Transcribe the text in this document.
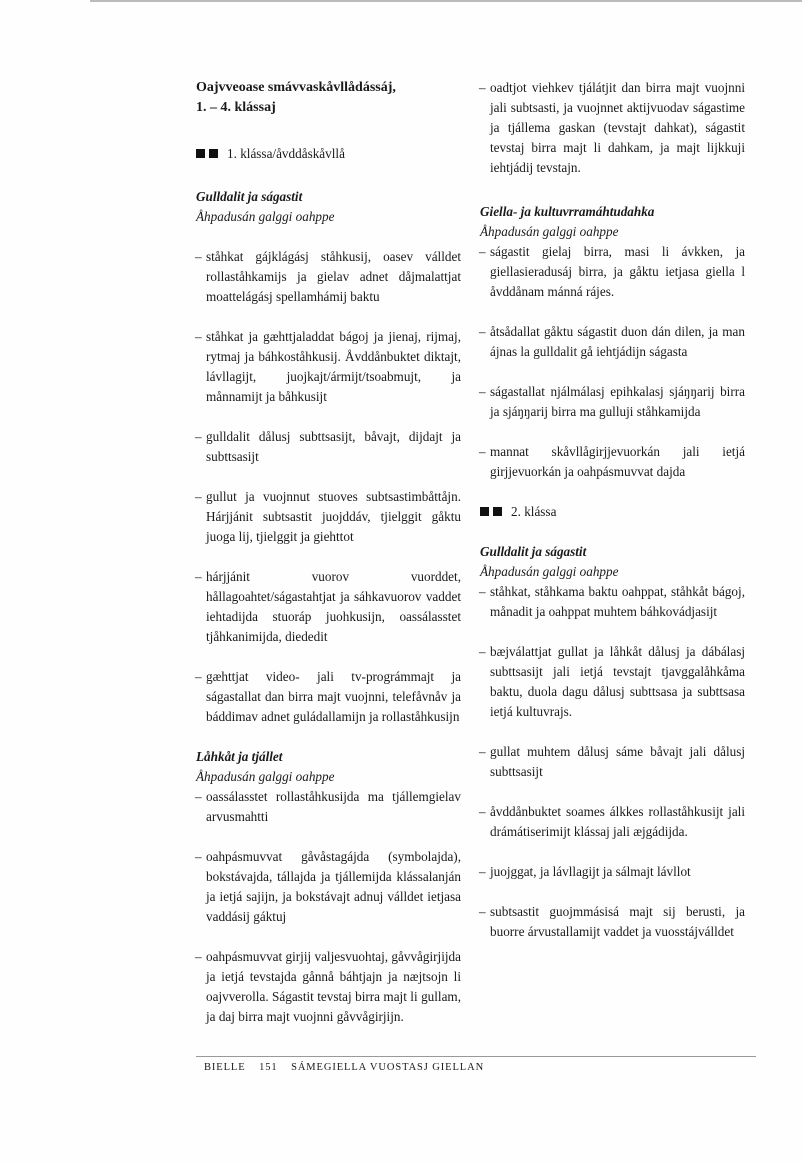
Oajvveoase smávvaskåvllådássáj,
1. – 4. klássaj
1. klássa/åvddåskåvllå

Gulldalit ja ságastit

Åhpadusán galggi oahppe

– ståhkat gájklágásj ståhkusij, oasev válldet rollaståhkamijs ja gielav adnet dåjmalattjat moattelágásj spellamhámij baktu

– ståhkat ja gæhttjaladdat bágoj ja jienaj, rijmaj, rytmaj ja báhkoståhkusij. Åvddånbuktet diktajt, lávllagijt, juojkajt/ármijt/tsoabmujt, ja månnamijt ja båhkusijt

– gulldalit dålusj subttsasijt, båvajt, dijdajt ja subttsasijt

– gullut ja vuojnnut stuoves subtsastimbåttåjn. Hárjjánit subtsastit juojddáv, tjielggit gåktu juoga lij, tjielggit ja giehttot

– hárjjánit vuorov vuorddet, hållagoahtet/ságastahtjat ja sáhkavuorov vaddet iehtadijda stuoráp juohkusijn, oassálasstet tjåhkanimijda, diededit

– gæhttjat video- jali tv-prográmmajt ja ságastallat dan birra majt vuojnni, telefåvnåv ja báddimav adnet guládallamijn ja rollaståhkusijn

Låhkåt ja tjállet

Åhpadusán galggi oahppe

– oassálasstet rollaståhkusijda ma tjállemgielav arvusmahtti

– oahpásmuvvat gåvåstagájda (symbolajda), bokstávajda, tállajda ja tjállemijda klássalanján ja ietjá sajijn, ja bokstávajt adnuj válldet ietjasa vaddásij gáktuj

– oahpásmuvvat girjij valjesvuohtaj, gåvvågirjijda ja ietjá tevstajda gånnå báhtjajn ja næjtsojn li oajvverolla. Ságastit tevstaj birra majt li gullam, ja daj birra majt vuojnni gåvvågirjijn.

– oadtjot viehkev tjálátjit dan birra majt vuojnni jali subtsasti, ja vuojnnet aktijvuodav ságastime ja tjállema gaskan (tevstajt dahkat), ságastit tevstaj birra majt li dahkam, ja majt lijkkuji iehtjádij tevstajn.

Giella- ja kultuvrramáhtudahka

Åhpadusán galggi oahppe

– ságastit gielaj birra, masi li ávkken, ja giellasieradusáj birra, ja gåktu ietjasa giella l åvddånam mánná rájes.

– åtsådallat gåktu ságastit duon dán dilen, ja man ájnas la gulldalit gå iehtjádijn ságasta

– ságastallat njálmálasj epihkalasj sjáŋŋarij birra ja sjáŋŋarij birra ma gulluji ståhkamijda

– mannat skåvllågirjjevuorkán jali ietjá girjjevuorkán ja oahpásmuvvat dajda

2. klássa

Gulldalit ja ságastit

Åhpadusán galggi oahppe

– ståhkat, ståhkama baktu oahppat, ståhkåt bágoj, månadit ja oahppat muhtem báhkovádjasijt

– bæjválattjat gullat ja låhkåt dålusj ja dábálasj subttsasijt jali ietjá tevstajt tjavggalåhkåma baktu, duola dagu dålusj subttsasa ja subttsasa ietjá kultuvrajs.

– gullat muhtem dålusj sáme båvajt jali dålusj subttsasijt

– åvddånbuktet soames álkkes rollaståhkusijt jali drámátiserimijt klássaj jali æjgádijda.

– juojggat, ja lávllagijt ja sálmajt lávllot

– subtsastit guojmmásisá majt sij berusti, ja buorre árvustallamijt vaddet ja vuosstájválldet

BIELLE 151 SÁMEGIELLA VUOSTASJ GIELLAN
